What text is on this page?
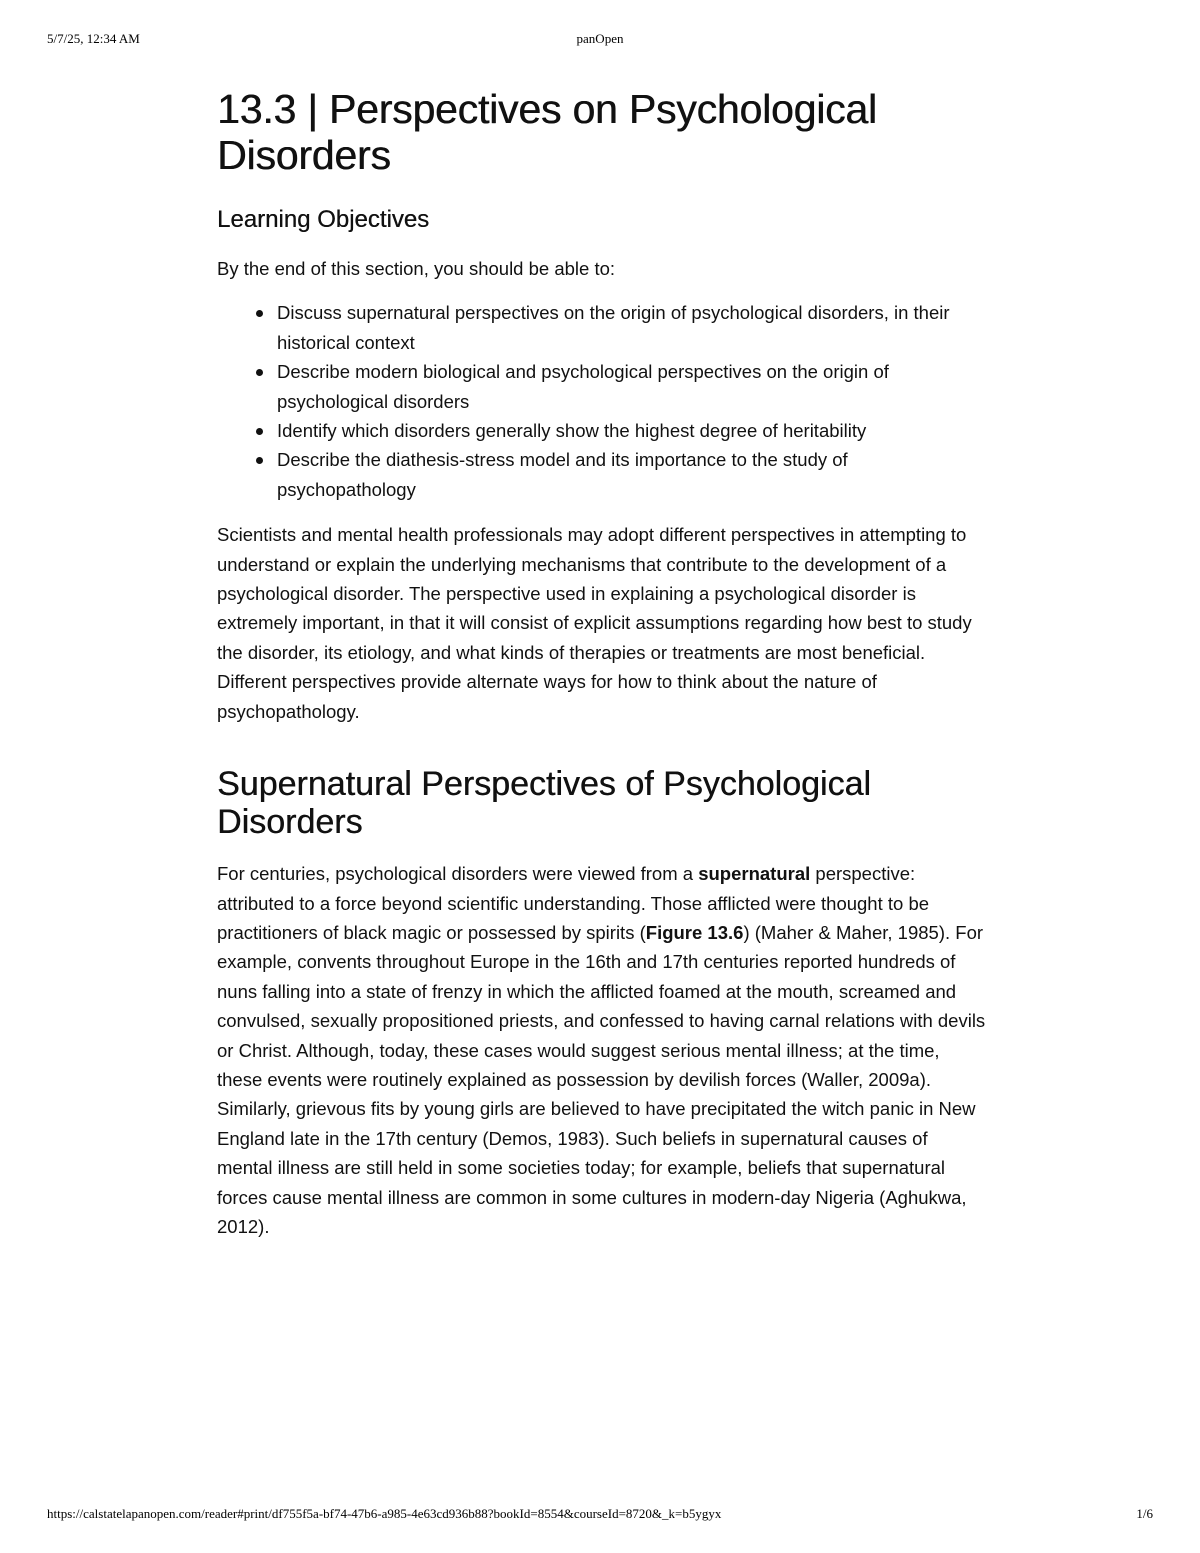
5/7/25, 12:34 AM	panOpen
13.3 | Perspectives on Psychological Disorders
Learning Objectives

By the end of this section, you should be able to:

Discuss supernatural perspectives on the origin of psychological disorders, in their historical context
Describe modern biological and psychological perspectives on the origin of psychological disorders
Identify which disorders generally show the highest degree of heritability
Describe the diathesis-stress model and its importance to the study of psychopathology

Scientists and mental health professionals may adopt different perspectives in attempting to understand or explain the underlying mechanisms that contribute to the development of a psychological disorder. The perspective used in explaining a psychological disorder is extremely important, in that it will consist of explicit assumptions regarding how best to study the disorder, its etiology, and what kinds of therapies or treatments are most beneficial. Different perspectives provide alternate ways for how to think about the nature of psychopathology.

Supernatural Perspectives of Psychological Disorders

For centuries, psychological disorders were viewed from a supernatural perspective: attributed to a force beyond scientific understanding. Those afflicted were thought to be practitioners of black magic or possessed by spirits (Figure 13.6) (Maher & Maher, 1985). For example, convents throughout Europe in the 16th and 17th centuries reported hundreds of nuns falling into a state of frenzy in which the afflicted foamed at the mouth, screamed and convulsed, sexually propositioned priests, and confessed to having carnal relations with devils or Christ. Although, today, these cases would suggest serious mental illness; at the time, these events were routinely explained as possession by devilish forces (Waller, 2009a). Similarly, grievous fits by young girls are believed to have precipitated the witch panic in New England late in the 17th century (Demos, 1983). Such beliefs in supernatural causes of mental illness are still held in some societies today; for example, beliefs that supernatural forces cause mental illness are common in some cultures in modern-day Nigeria (Aghukwa, 2012).

https://calstatelapanopen.com/reader#print/df755f5a-bf74-47b6-a985-4e63cd936b88?bookId=8554&courseId=8720&_k=b5ygyx	1/6
